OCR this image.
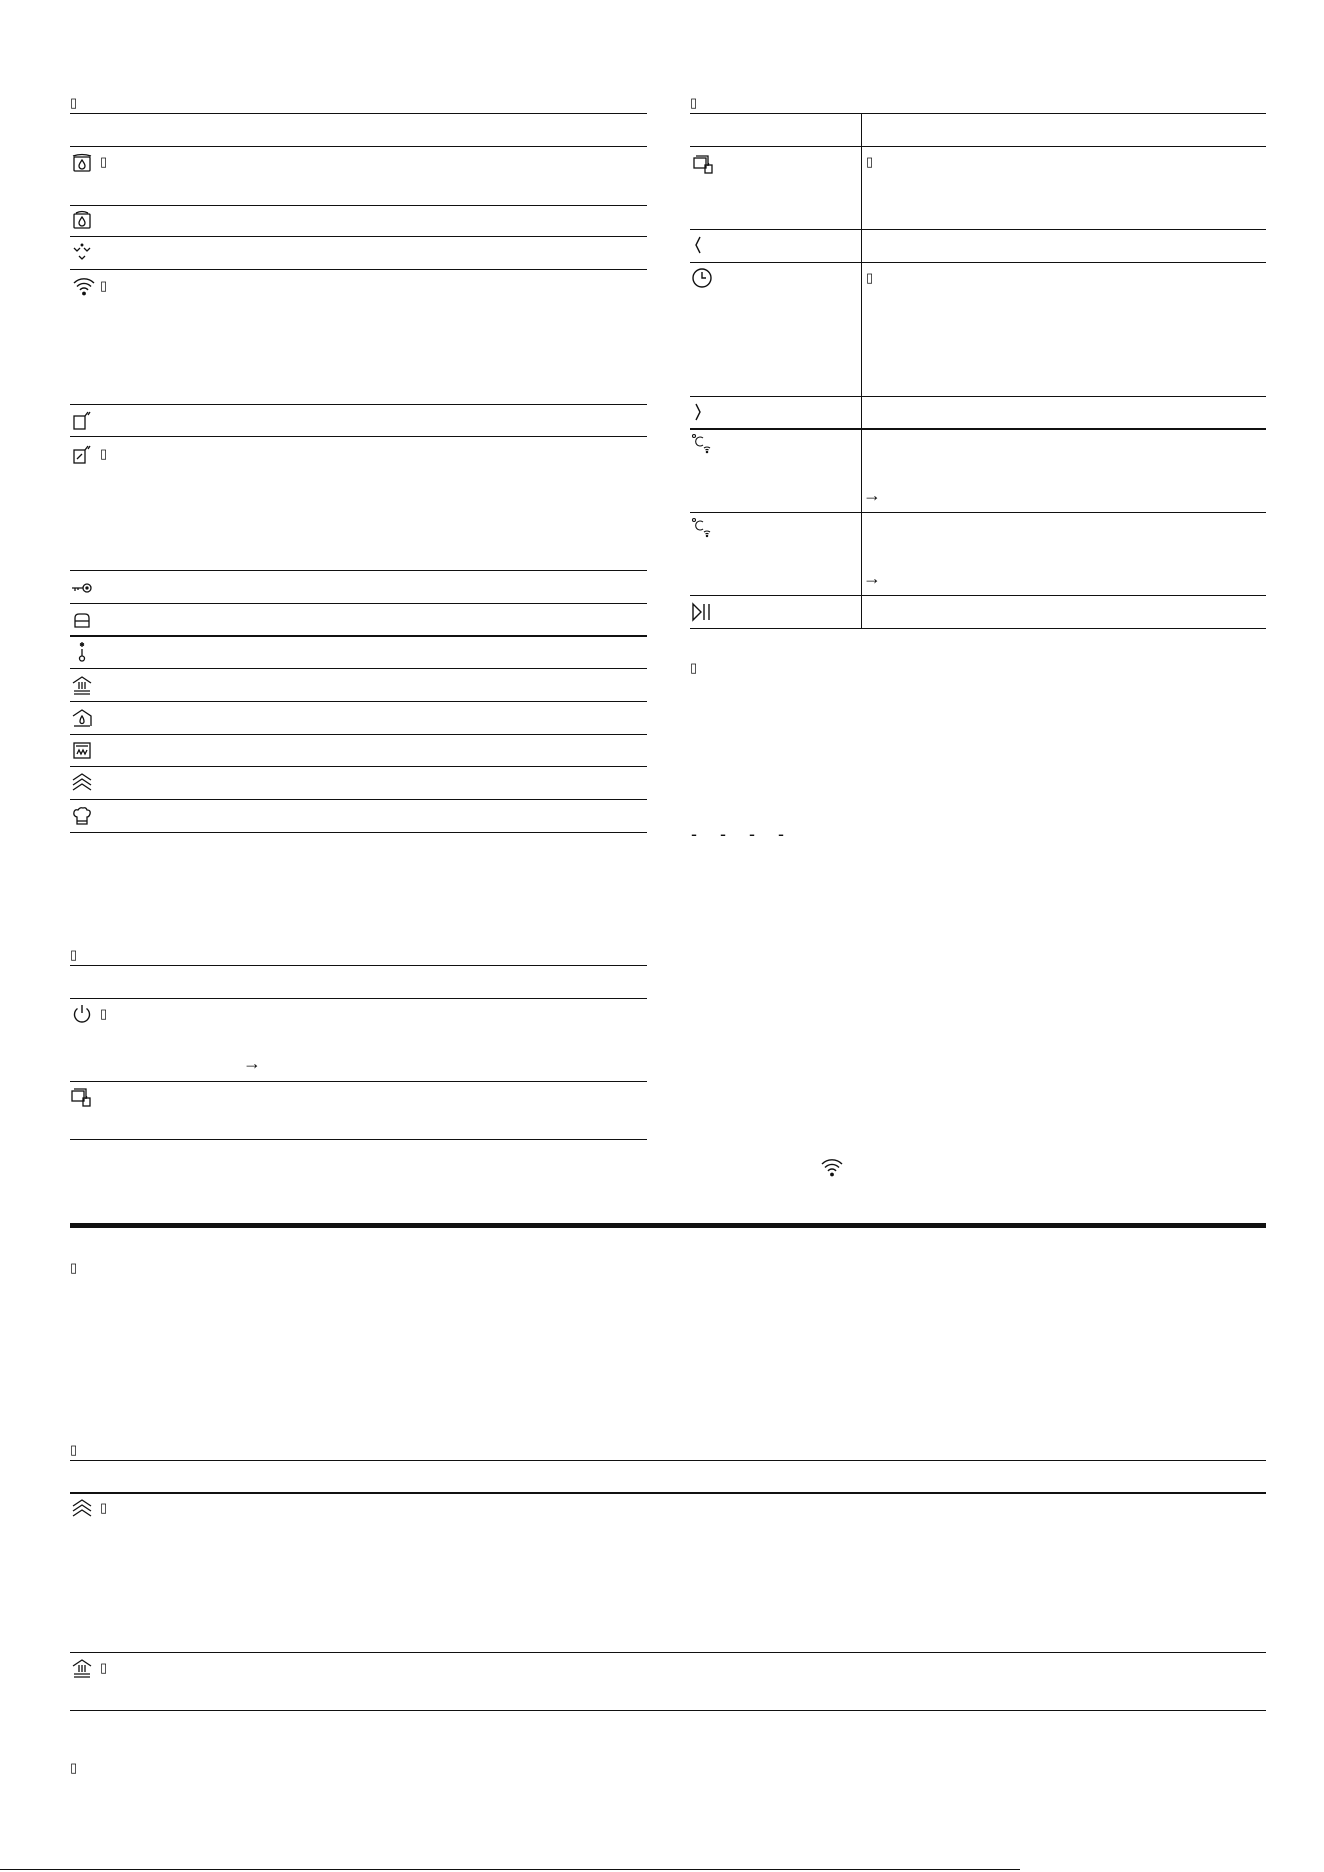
→
→
→
- - - -
▯
▯
▯
▯
▯
▯
▯
▯
▯
▯
▯
▯
▯
▯
▯
